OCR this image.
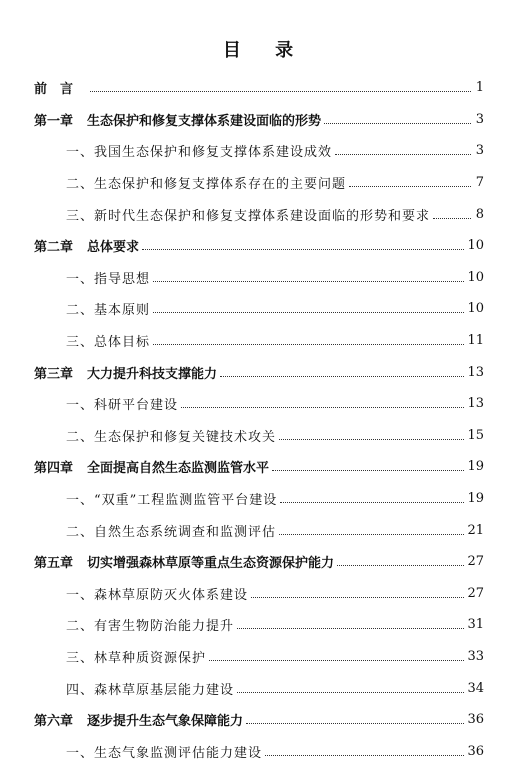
目 录
前　言	1
第一章 生态保护和修复支撑体系建设面临的形势	3
一、我国生态保护和修复支撑体系建设成效	3
二、生态保护和修复支撑体系存在的主要问题	7
三、新时代生态保护和修复支撑体系建设面临的形势和要求	8
第二章 总体要求	10
一、指导思想	10
二、基本原则	10
三、总体目标	11
第三章 大力提升科技支撑能力	13
一、科研平台建设	13
二、生态保护和修复关键技术攻关	15
第四章 全面提高自然生态监测监管水平	19
一、“双重”工程监测监管平台建设	19
二、自然生态系统调查和监测评估	21
第五章 切实增强森林草原等重点生态资源保护能力	27
一、森林草原防灭火体系建设	27
二、有害生物防治能力提升	31
三、林草种质资源保护	33
四、森林草原基层能力建设	34
第六章 逐步提升生态气象保障能力	36
一、生态气象监测评估能力建设	36
